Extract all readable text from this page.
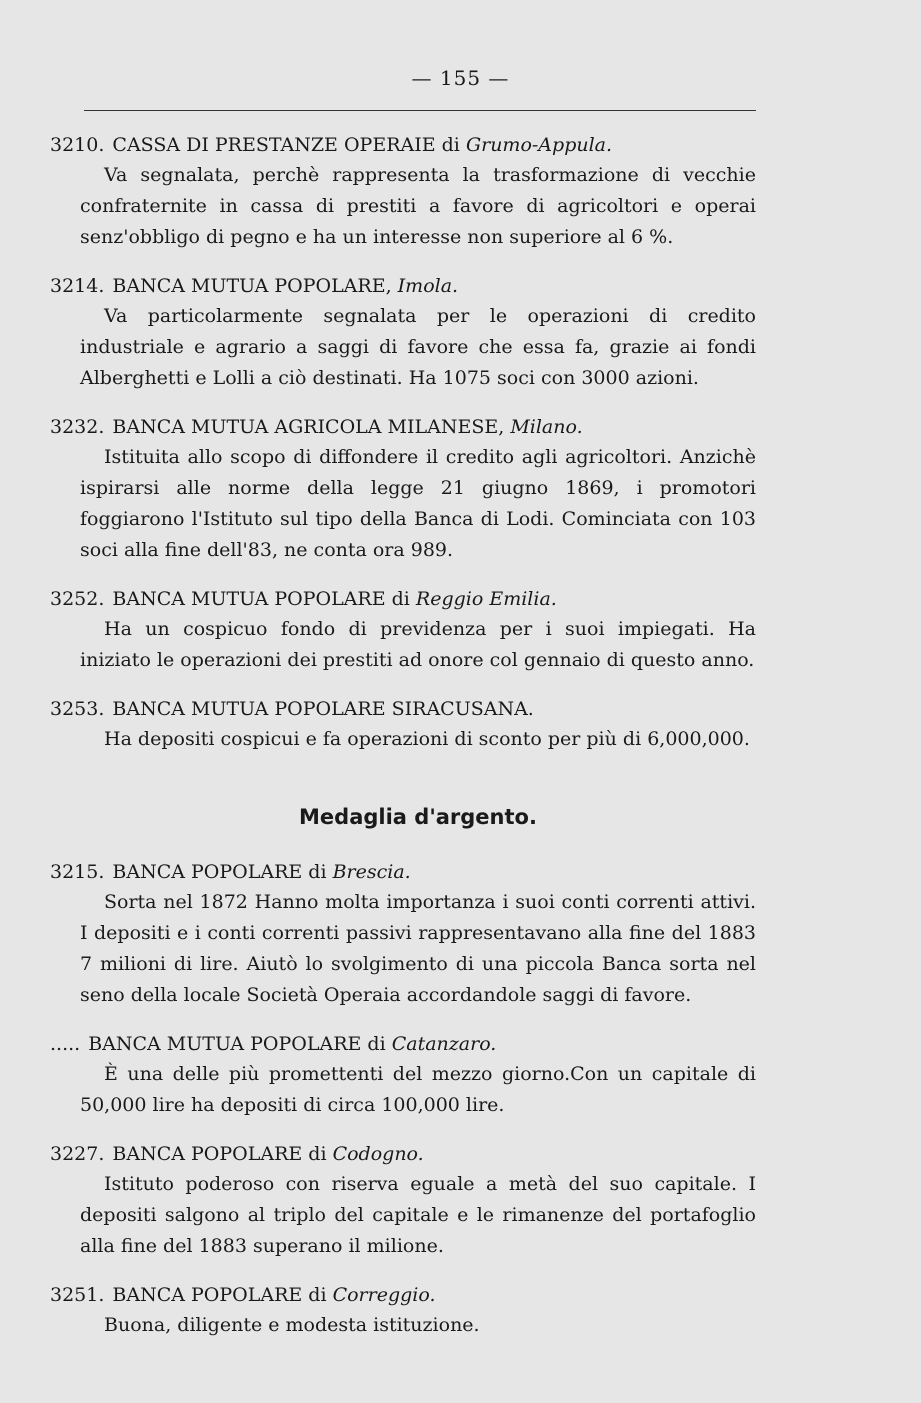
— 155 —
3210. CASSA DI PRESTANZE OPERAIE di Grumo-Appula.

Va segnalata, perchè rappresenta la trasformazione di vecchie confraternite in cassa di prestiti a favore di agricoltori e operai senz'obbligo di pegno e ha un interesse non superiore al 6 %.

3214. BANCA MUTUA POPOLARE, Imola.

Va particolarmente segnalata per le operazioni di credito industriale e agrario a saggi di favore che essa fa, grazie ai fondi Alberghetti e Lolli a ciò destinati. Ha 1075 soci con 3000 azioni.

3232. BANCA MUTUA AGRICOLA MILANESE, Milano.

Istituita allo scopo di diffondere il credito agli agricoltori. Anzichè ispirarsi alle norme della legge 21 giugno 1869, i promotori foggiarono l'Istituto sul tipo della Banca di Lodi. Cominciata con 103 soci alla fine dell'83, ne conta ora 989.

3252. BANCA MUTUA POPOLARE di Reggio Emilia.

Ha un cospicuo fondo di previdenza per i suoi impiegati. Ha iniziato le operazioni dei prestiti ad onore col gennaio di questo anno.

3253. BANCA MUTUA POPOLARE SIRACUSANA.

Ha depositi cospicui e fa operazioni di sconto per più di 6,000,000.

Medaglia d'argento.
3215. BANCA POPOLARE di Brescia.

Sorta nel 1872 Hanno molta importanza i suoi conti correnti attivi. I depositi e i conti correnti passivi rappresentavano alla fine del 1883 7 milioni di lire. Aiutò lo svolgimento di una piccola Banca sorta nel seno della locale Società Operaia accordandole saggi di favore.

..... BANCA MUTUA POPOLARE di Catanzaro.

È una delle più promettenti del mezzo giorno.Con un capitale di 50,000 lire ha depositi di circa 100,000 lire.

3227. BANCA POPOLARE di Codogno.

Istituto poderoso con riserva eguale a metà del suo capitale. I depositi salgono al triplo del capitale e le rimanenze del portafoglio alla fine del 1883 superano il milione.

3251. BANCA POPOLARE di Correggio.

Buona, diligente e modesta istituzione.
